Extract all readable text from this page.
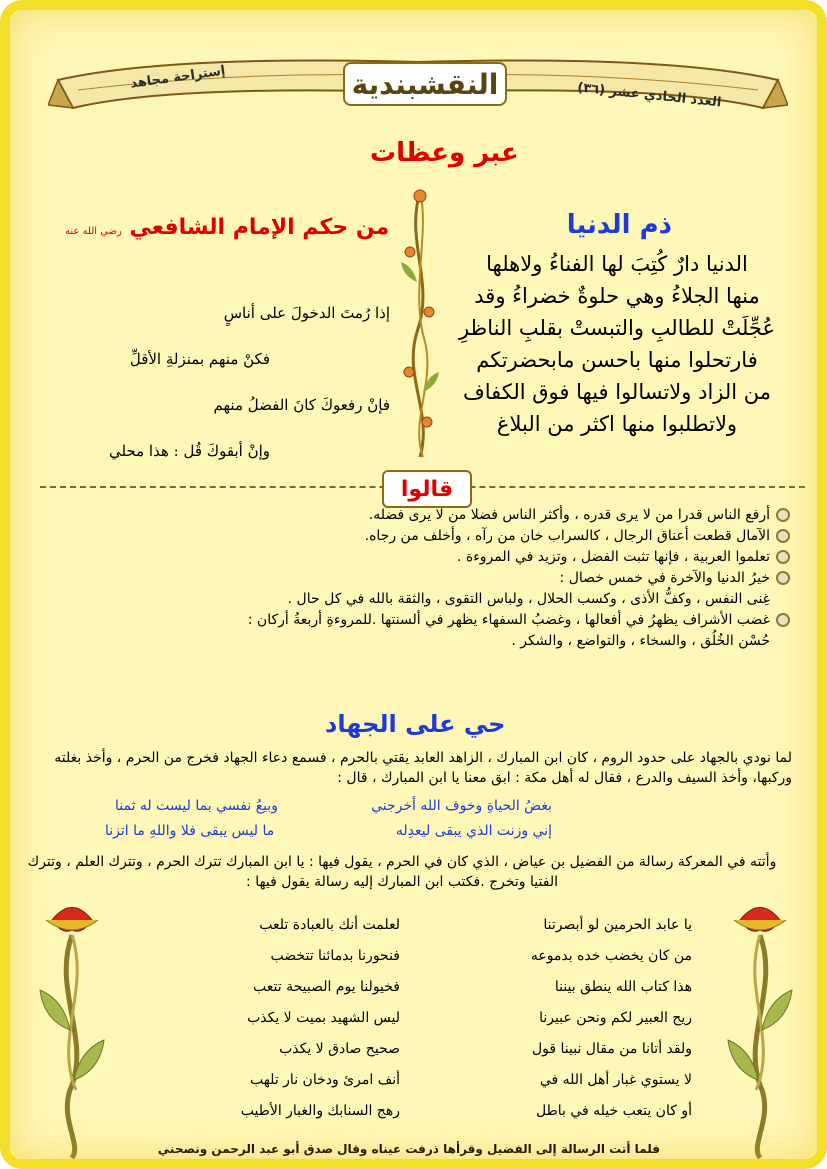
النقشبندية	العدد الحادي عشر (٣٦)
إستراحة مجاهد
عبر وعظات
ذم الدنيا
الدنيا دارٌ كُتِبَ لها الفناءُ ولاهلها
منها الجلاءُ وهي حلوةٌ خضراءُ وقد
عُجِّلَتْ للطالبِ والتبستْ بقلبِ الناظرِ
فارتحلوا منها باحسن مابحضرتكم
من الزاد ولاتسالوا فيها فوق الكفاف
ولاتطلبوا منها اكثر من البلاغ
من حكم الإمام الشافعي رضي الله عنه
إذا رُمتَ الدخولَ على أناسٍ
فكنْ منهم بمنزلةِ الأقلِّ
فإنْ رفعوكَ كانَ الفضلُ منهم
وإنْ أبقوكَ قُل : هذا محلي
قالوا
أرفع الناس قدرا من لا يرى قدره ، وأكثر الناس فضلا من لا يرى فضله.
الآمال قطعت أعناق الرجال ، كالسراب خان من رآه ، وأخلف من رجاه.
تعلموا العربية ، فإنها تثبت الفضل ، وتزيد في المروءة .
خيرُ الدنيا والآخرة في خمس خصال :
غِنى النفس ، وكفُّ الأذى ، وكسب الحلال ، ولباس التقوى ، والثقة بالله في كل حال .
غضب الأشراف يظهرُ في أفعالها ، وغضبُ السفهاء يظهر في ألسنتها .للمروءةِ أربعةُ أركان :
حُسْن الخُلُق ، والسخاء ، والتواضع ، والشكر .
حي على الجهاد
لما نودي بالجهاد على حدود الروم ، كان ابن المبارك ، الزاهد العابد يقتي بالحرم ، فسمع دعاء الجهاد فخرج من الحرم ، وأخذ بغلته وركبها، وأخذ السيف والدرع ، فقال له أهل مكة : ابق معنا يا ابن المبارك ، قال :
بغضُ الحياةِ وخوف الله أخرجني
وبيعُ نفسي بما ليست له ثمنا
إني وزنت الذي يبقى ليعدِله
ما ليس يبقى فلا واللهِ ما اتزنا
وأتته في المعركة رسالة من الفضيل بن عياض ، الذي كان في الحرم ، يقول فيها : يا ابن المبارك تترك الحرم ، وتترك العلم ، وتترك الفتيا وتخرج .فكتب ابن المبارك إليه رسالة يقول فيها :
يا عابد الحرمين لو أبصرتنا
من كان يخضب خده بدموعه
هذا كتاب الله ينطق بيننا
ريح العبير لكم ونحن عبيرنا
ولقد أتانا من مقال نبينا قول
لا يستوي غبار أهل الله في
أو كان يتعب خيله في باطل
لعلمت أنك بالعبادة تلعب
فنحورنا بدمائنا تتخضب
فخيولنا يوم الصبيحة تتعب
ليس الشهيد بميت لا يكذب
صحيح صادق لا يكذب
أنف امرئ ودخان نار تلهب
رهج السنابك والغبار الأطيب
فلما أتت الرسالة إلى الفضيل وقرأها ذرفت عيناه وقال صدق أبو عبد الرحمن ونصحني
